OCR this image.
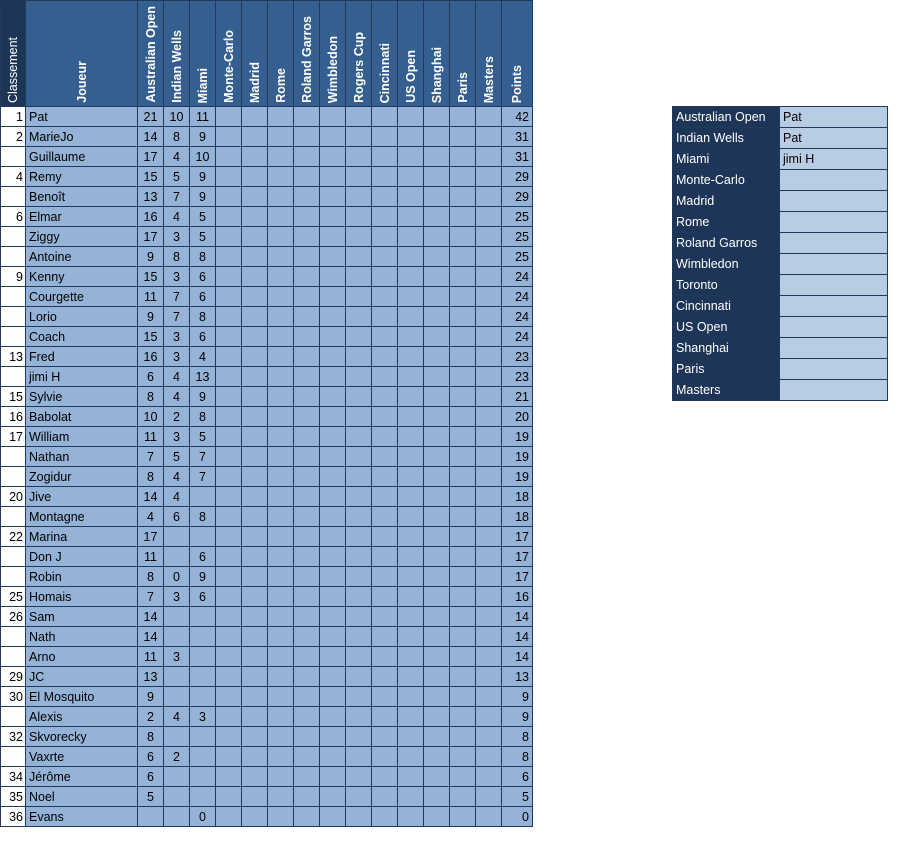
Classement	Joueur	Australian Open	Indian Wells	Miami	Monte-Carlo	Madrid	Rome	Roland Garros	Wimbledon	Rogers Cup	Cincinnati	US Open	Shanghai	Paris	Masters	Points
1	Pat	21	10	11												42
2	MarieJo	14	8	9												31
	Guillaume	17	4	10												31
4	Remy	15	5	9												29
	Benoît	13	7	9												29
6	Elmar	16	4	5												25
	Ziggy	17	3	5												25
	Antoine	9	8	8												25
9	Kenny	15	3	6												24
	Courgette	11	7	6												24
	Lorio	9	7	8												24
	Coach	15	3	6												24
13	Fred	16	3	4												23
	jimi H	6	4	13												23
15	Sylvie	8	4	9												21
16	Babolat	10	2	8												20
17	William	11	3	5												19
	Nathan	7	5	7												19
	Zogidur	8	4	7												19
20	Jive	14	4													18
	Montagne	4	6	8												18
22	Marina	17														17
	Don J	11		6												17
	Robin	8	0	9												17
25	Homais	7	3	6												16
26	Sam	14														14
	Nath	14														14
	Arno	11	3													14
29	JC	13														13
30	El Mosquito	9														9
	Alexis	2	4	3												9
32	Skvorecky	8														8
	Vaxrte	6	2													8
34	Jérôme	6														6
35	Noel	5														5
36	Evans			0												0
Australian Open	Pat
Indian Wells	Pat
Miami	jimi H
Monte-Carlo	
Madrid	
Rome	
Roland Garros	
Wimbledon	
Toronto	
Cincinnati	
US Open	
Shanghai	
Paris	
Masters	
